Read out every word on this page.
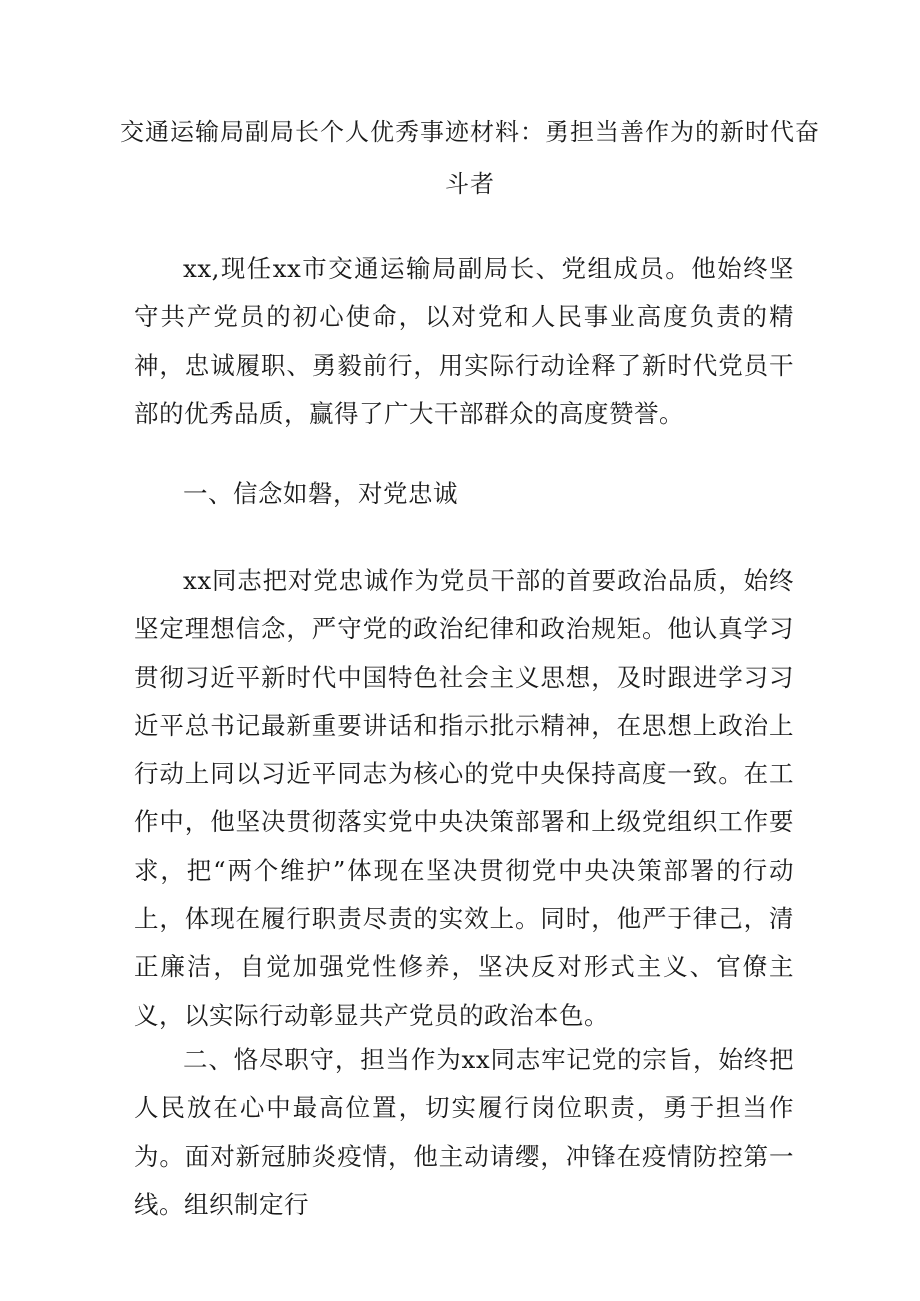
交通运输局副局长个人优秀事迹材料：勇担当善作为的新时代奋斗者

xx,现任xx市交通运输局副局长、党组成员。他始终坚守共产党员的初心使命，以对党和人民事业高度负责的精神，忠诚履职、勇毅前行，用实际行动诠释了新时代党员干部的优秀品质，赢得了广大干部群众的高度赞誉。

一、信念如磐，对党忠诚

xx同志把对党忠诚作为党员干部的首要政治品质，始终坚定理想信念，严守党的政治纪律和政治规矩。他认真学习贯彻习近平新时代中国特色社会主义思想，及时跟进学习习近平总书记最新重要讲话和指示批示精神，在思想上政治上行动上同以习近平同志为核心的党中央保持高度一致。在工作中，他坚决贯彻落实党中央决策部署和上级党组织工作要求，把“两个维护”体现在坚决贯彻党中央决策部署的行动上，体现在履行职责尽责的实效上。同时，他严于律己，清正廉洁，自觉加强党性修养，坚决反对形式主义、官僚主义，以实际行动彰显共产党员的政治本色。

二、恪尽职守，担当作为xx同志牢记党的宗旨，始终把人民放在心中最高位置，切实履行岗位职责，勇于担当作为。面对新冠肺炎疫情，他主动请缨，冲锋在疫情防控第一线。组织制定行
